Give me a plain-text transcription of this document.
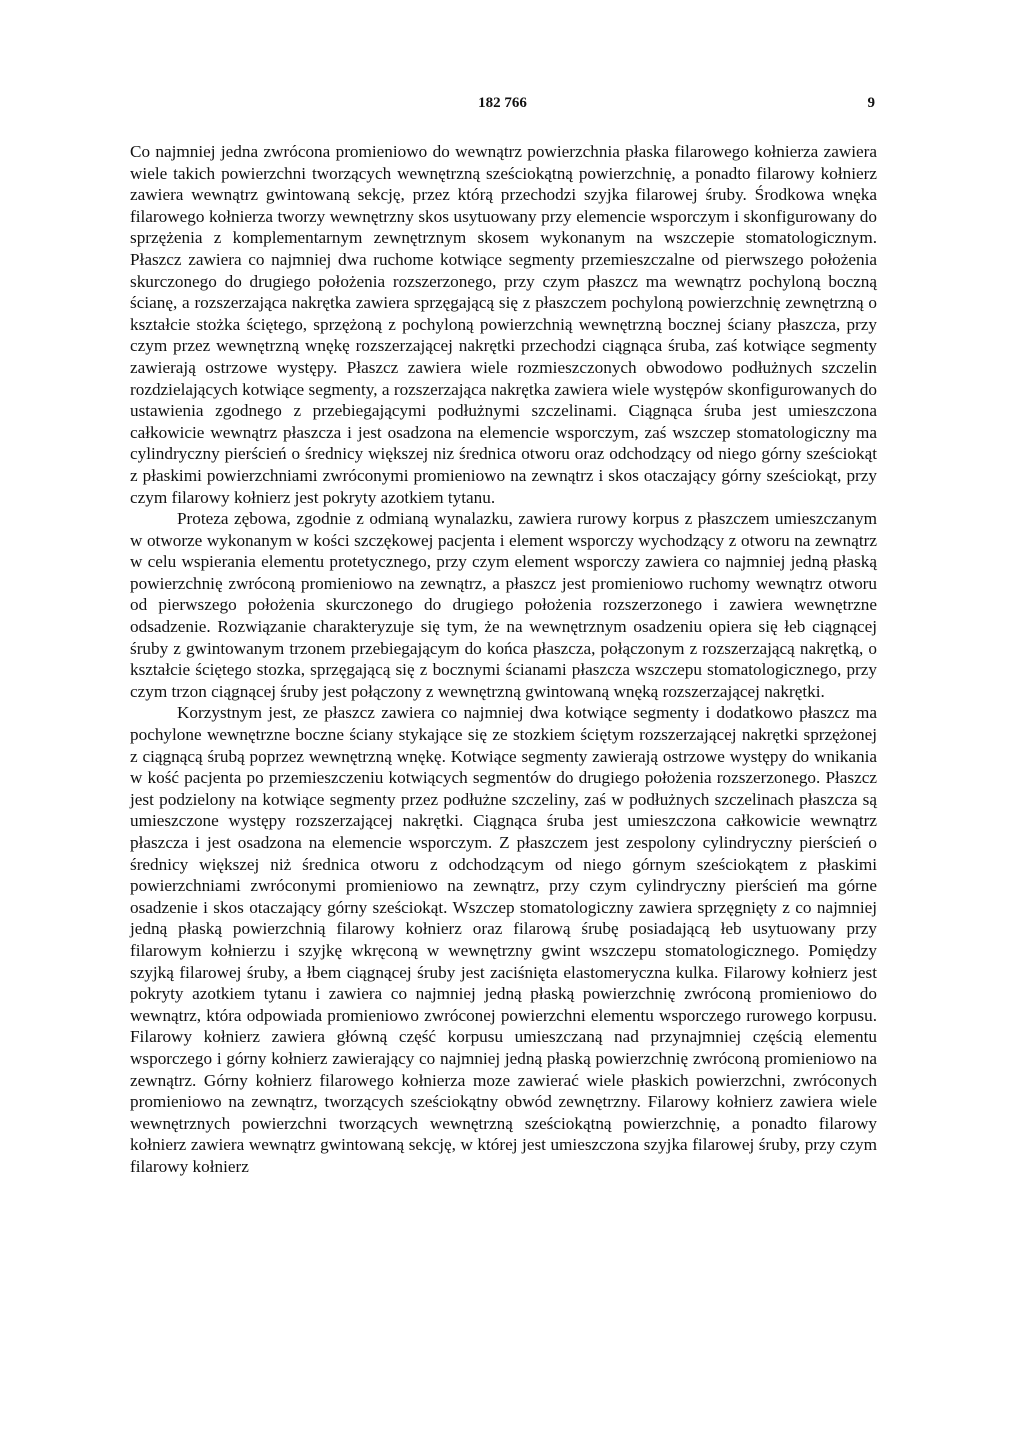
182 766	9

Co najmniej jedna zwrócona promieniowo do wewnątrz powierzchnia płaska filarowego kołnierza zawiera wiele takich powierzchni tworzących wewnętrzną sześciokątną powierzchnię, a ponadto filarowy kołnierz zawiera wewnątrz gwintowaną sekcję, przez którą przechodzi szyjka filarowej śruby. Środkowa wnęka filarowego kołnierza tworzy wewnętrzny skos usytuowany przy elemencie wsporczym i skonfigurowany do sprzężenia z komplementarnym zewnętrznym skosem wykonanym na wszczepie stomatologicznym. Płaszcz zawiera co najmniej dwa ruchome kotwiące segmenty przemieszczalne od pierwszego położenia skurczonego do drugiego położenia rozszerzonego, przy czym płaszcz ma wewnątrz pochyloną boczną ścianę, a rozszerzająca nakrętka zawiera sprzęgającą się z płaszczem pochyloną powierzchnię zewnętrzną o kształcie stożka ściętego, sprzężoną z pochyloną powierzchnią wewnętrzną bocznej ściany płaszcza, przy czym przez wewnętrzną wnękę rozszerzającej nakrętki przechodzi ciągnąca śruba, zaś kotwiące segmenty zawierają ostrzowe występy. Płaszcz zawiera wiele rozmieszczonych obwodowo podłużnych szczelin rozdzielających kotwiące segmenty, a rozszerzająca nakrętka zawiera wiele występów skonfigurowanych do ustawienia zgodnego z przebiegającymi podłużnymi szczelinami. Ciągnąca śruba jest umieszczona całkowicie wewnątrz płaszcza i jest osadzona na elemencie wsporczym, zaś wszczep stomatologiczny ma cylindryczny pierścień o średnicy większej niz średnica otworu oraz odchodzący od niego górny sześciokąt z płaskimi powierzchniami zwróconymi promieniowo na zewnątrz i skos otaczający górny sześciokąt, przy czym filarowy kołnierz jest pokryty azotkiem tytanu.

Proteza zębowa, zgodnie z odmianą wynalazku, zawiera rurowy korpus z płaszczem umieszczanym w otworze wykonanym w kości szczękowej pacjenta i element wsporczy wychodzący z otworu na zewnątrz w celu wspierania elementu protetycznego, przy czym element wsporczy zawiera co najmniej jedną płaską powierzchnię zwróconą promieniowo na zewnątrz, a płaszcz jest promieniowo ruchomy wewnątrz otworu od pierwszego położenia skurczonego do drugiego położenia rozszerzonego i zawiera wewnętrzne odsadzenie. Rozwiązanie charakteryzuje się tym, że na wewnętrznym osadzeniu opiera się łeb ciągnącej śruby z gwintowanym trzonem przebiegającym do końca płaszcza, połączonym z rozszerzającą nakrętką, o kształcie ściętego stozka, sprzęgającą się z bocznymi ścianami płaszcza wszczepu stomatologicznego, przy czym trzon ciągnącej śruby jest połączony z wewnętrzną gwintowaną wnęką rozszerzającej nakrętki.

Korzystnym jest, ze płaszcz zawiera co najmniej dwa kotwiące segmenty i dodatkowo płaszcz ma pochylone wewnętrzne boczne ściany stykające się ze stozkiem ściętym rozszerzającej nakrętki sprzężonej z ciągnącą śrubą poprzez wewnętrzną wnękę. Kotwiące segmenty zawierają ostrzowe występy do wnikania w kość pacjenta po przemieszczeniu kotwiących segmentów do drugiego położenia rozszerzonego. Płaszcz jest podzielony na kotwiące segmenty przez podłużne szczeliny, zaś w podłużnych szczelinach płaszcza są umieszczone występy rozszerzającej nakrętki. Ciągnąca śruba jest umieszczona całkowicie wewnątrz płaszcza i jest osadzona na elemencie wsporczym. Z płaszczem jest zespolony cylindryczny pierścień o średnicy większej niż średnica otworu z odchodzącym od niego górnym sześciokątem z płaskimi powierzchniami zwróconymi promieniowo na zewnątrz, przy czym cylindryczny pierścień ma górne osadzenie i skos otaczający górny sześciokąt. Wszczep stomatologiczny zawiera sprzęgnięty z co najmniej jedną płaską powierzchnią filarowy kołnierz oraz filarową śrubę posiadającą łeb usytuowany przy filarowym kołnierzu i szyjkę wkręconą w wewnętrzny gwint wszczepu stomatologicznego. Pomiędzy szyjką filarowej śruby, a łbem ciągnącej śruby jest zaciśnięta elastomeryczna kulka. Filarowy kołnierz jest pokryty azotkiem tytanu i zawiera co najmniej jedną płaską powierzchnię zwróconą promieniowo do wewnątrz, która odpowiada promieniowo zwróconej powierzchni elementu wsporczego rurowego korpusu. Filarowy kołnierz zawiera główną część korpusu umieszczaną nad przynajmniej częścią elementu wsporczego i górny kołnierz zawierający co najmniej jedną płaską powierzchnię zwróconą promieniowo na zewnątrz. Górny kołnierz filarowego kołnierza moze zawierać wiele płaskich powierzchni, zwróconych promieniowo na zewnątrz, tworzących sześciokątny obwód zewnętrzny. Filarowy kołnierz zawiera wiele wewnętrznych powierzchni tworzących wewnętrzną sześciokątną powierzchnię, a ponadto filarowy kołnierz zawiera wewnątrz gwintowaną sekcję, w której jest umieszczona szyjka filarowej śruby, przy czym filarowy kołnierz
